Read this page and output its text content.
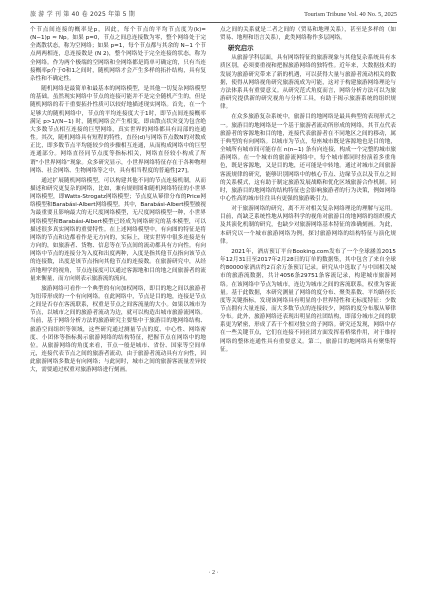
旅 游 学 刊 第 40 卷 2025 年第 5 期	Tourism Tribune Vol. 40 No. 5, 2025

个节点间连接的概率是p，因此，每个节点的平均节点度为(k)=(N−1)p ≈ Np。如果 p=0，节点之间总连接数为零，整个网络处于完全离散状态，称为空网络；如果 p=1，每个节点都与其余的 N−1 个节点两两相连，总连接数是 (N 2)，整个网络处于完全连接的状态，称为全网络。作为两个极端的空网络和全网络都是简单可确定的，只有当连接概率p介于0和1之间时，随机网络才会产生多样的拓扑结构，具有复杂性和不确定性。

随机网络是最简单和最基本的网络模型，是其他一切复杂网络模型的基础。虽然现实网络中节点的连接可能并不是完全随机产生的，但是随机网络的若干重要拓扑性质可以较好地描述现实网络。首先，在一个足够大的随机网络中，节点的平均连接度大于1时，即节点间连接概率满足 p>1/(N−1) 时，随机网络会产生相变，即由散点状突变为包含绝大多数节点相互连接的巨型网络，真实世界的网络都具有局部的连通性。其次，随机网络具有短程的特性，直径(d)与网络节点数N的对数成正比，即多数节点平均能较少的步骤相互连通，从而构成网络中的巨型连通部分。网络直径同节点度等指标相关，网络直径较小构成了所谓“小世界网络”现象。众多研究显示，小世界网络特征存在于各种物理网络、社会网络、生物网络等之中，具有相当程度的普遍性[27]。

通过扩展随机网络模型，可以构建其他不同的节点连接机制，从而描述和研究更复杂的网络，比如，兼有规则图和随机网络特征的小世界网络模型，即Watts-Strogatz网络模型；节点度从幂律分布的Price网络模型和Barabási-Albert网络模型。其中，Barabási-Albert模型被视为最重要且影响最大的无尺度网络模型，无尺度网络模型一种，小世界网络模型和Barabási-Albert模型已经成为网络研究的基本模型，可以描述很多真实网络的重要特性。在上述网络模型中，有向图的特征是将网络的节点和边都看作是无方向的，实际上，现实世界中很多连接是有方向的，如旅游者、货物、信息等在节点间的流动都具有方向性。有向网络中节点的连接分为入度和出度两种，入度是指其他节点指向该节点的连接数，出度是该节点指向其他节点的连接数。在旅游研究中，从经济地理学的视角，节点连接度可以通过客源地和目的地之间旅游者的流量来衡量，而方向则表示旅游流的流向。

旅游网络可看作一个典型的有向加权网络，即目的地之间以旅游者为纽带形成的一个有向网络。在此网络中，节点是目的地，连接是节点之间是否存在客流联系，权重是节点之间客流量的大小。如果以城市为节点，以城市之间的旅游者流动为边，就可以构造出城市旅游流网络。当前，基于网络分析方法的旅游研究主要集中于旅游目的地网络结构、旅游空间组织等领域，这些研究通过测量节点的度、中心性、网络密度、小团体等指标揭示旅游网络的结构特征，把握节点在网络中的地位。从旅游网络的角度来看，节点一般是城市、省份、国家等空间单元，连接代表节点之间的旅游者流动，由于旅游者流动具有方向性，因此旅游网络多数是有向网络；与此同时，城市之间的旅游客流量差异较大，需要通过权重对旅游网络进行刻画。

点之间的关系就是二者之间的（贸易和地理关系），甚至是多样的（如贸易、地理和语言关系），此类网络称作多层网络。

研究启示

从旅游学科层面，具有网络特征的旅游现象与其他复杂系统具有本质区别，必须要重视和把握旅游网络的独特性。近年来，大数据技术的发展为旅游研究带来了新的机遇，可以获得大量与旅游者流动相关的数据，使得从网络视角研究旅游流成为可能，这对于构建旅游网络理论与方法体系具有重要意义。从研究范式角度而言，网络分析方法可以为旅游研究提供新的研究视角与分析工具，有助于揭示旅游系统的组织规律。

在众多旅游复杂系统中，旅游目的地网络是最具典型的表现形式之一。旅游目的地网络是一个基于旅游者流动所形成的网络，其节点代表旅游者的客源地和目的地，连接代表旅游者在不同地区之间的移动，属于典型的有向网络。以城市为节点，每座城市既是客源地也是目的地，全城所有城市间可能存在 n(n−1) 条有向连接，构成一个完整的城市旅游网络。在一个城市的旅游流网络中，每个城市都同时扮演着多重角色，既是客源地，又是目的地，还可能是中转地。通过对城市之间旅游客流规律的研究，能够识别网络中的核心节点、边缘节点以及节点之间的关系模式，这有助于制定旅游发展战略和优化区域旅游合作机制。同时，旅游目的地网络的结构特征也会影响旅游者的行为决策，例如网络中心性高的城市往往具有更强的旅游吸引力。

对于旅游网络的研究，离不开对相关复杂网络理论的理解与运用。目前，尚缺乏系统性地从网络科学的视角对旅游目的地网络的组织模式及其演化机制的研究，也缺少对旅游网络基本特征的准确刻画。为此，本研究以一个城市旅游网络为例，探讨旅游网络的结构特征与演化规律。

2021年，酒店预订平台Booking.com发布了一个全球涵盖2015年12月31日至2017年2月28日的订单的数据集，其中包含了来自全球约80000家酒店约2百余万条预订记录。研究从中选取了与中国相关城市的旅游流数据，共计4056条29751条客流记录，构建城市旅游网络。在该网络中节点为城市，连边为城市之间的客流联系，权重为客流量。基于此数据，本研究测量了网络的度分布、聚类系数、平均路径长度等关键指标，发现该网络具有明显的小世界特性和无标度特征：少数节点拥有大量连接，而大多数节点的连接较少，网络的度分布服从幂律分布。此外，旅游网络还表现出明显的社团结构，即部分城市之间的联系更为紧密，形成了若干个相对独立的子网络。研究还发现，网络中存在一些关键节点，它们在连接不同社团方面发挥着桥梁作用，对于维持网络的整体连通性具有重要意义。第二，旅游目的地网络具有聚集特征。

· 2 ·
